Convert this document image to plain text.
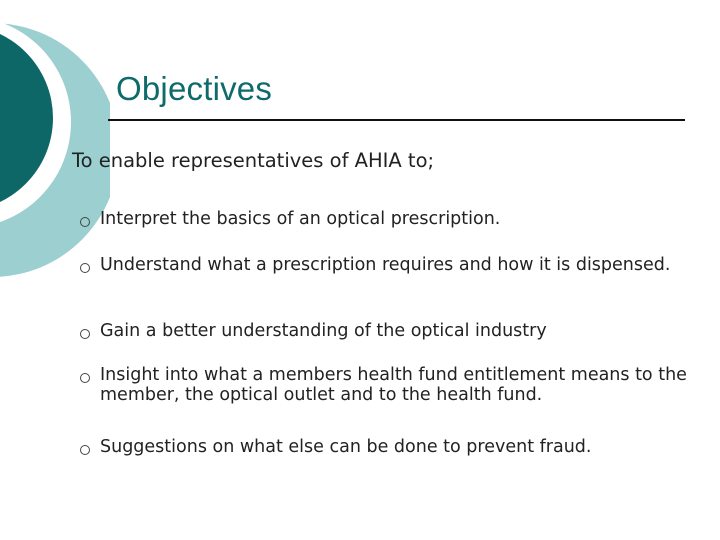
Objectives
To enable representatives of AHIA to;
Interpret the basics of an optical prescription.
Understand what a prescription requires and how it is dispensed.
Gain a better understanding of the optical industry
Insight into what a members health fund entitlement means to the member, the optical outlet and to the health fund.
Suggestions on what else can be done to prevent fraud.
